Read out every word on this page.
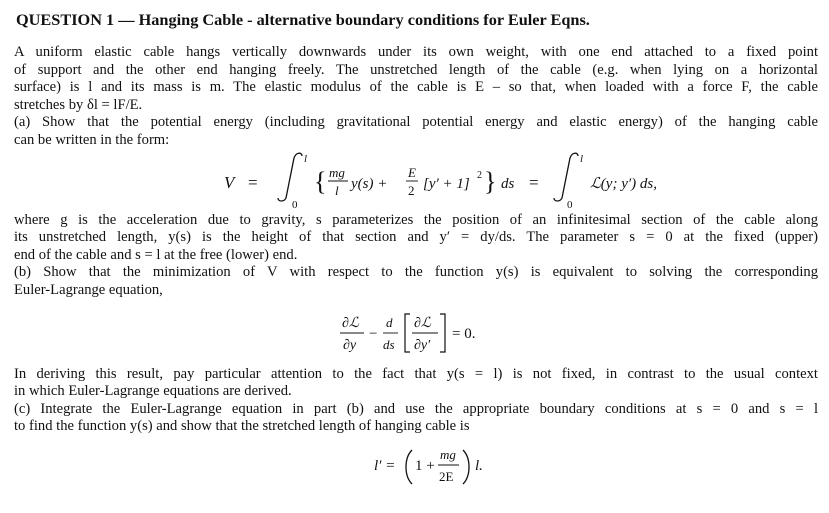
QUESTION 1 — Hanging Cable - alternative boundary conditions for Euler Eqns.

A uniform elastic cable hangs vertically downwards under its own weight, with one end attached to a fixed point
of support and the other end hanging freely. The unstretched length of the cable (e.g. when lying on a horizontal
surface) is l and its mass is m. The elastic modulus of the cable is E – so that, when loaded with a force F, the cable
stretches by δl = lF/E.
(a) Show that the potential energy (including gravitational potential energy and elastic energy) of the hanging cable
can be written in the form:

V =
0
l
{ mg
l y(s) +
E
2 [y′ + 1]
2 } ds =
0
l
ℒ(y; y′) ds,

where g is the acceleration due to gravity, s parameterizes the position of an infinitesimal section of the cable along
its unstretched length, y(s) is the height of that section and y′ = dy/ds. The parameter s = 0 at the fixed (upper)
end of the cable and s = l at the free (lower) end.
(b) Show that the minimization of V with respect to the function y(s) is equivalent to solving the corresponding
Euler-Lagrange equation,

∂ℒ
∂y
−
d
ds
∂ℒ
∂y′
= 0.

In deriving this result, pay particular attention to the fact that y(s = l) is not fixed, in contrast to the usual context
in which Euler-Lagrange equations are derived.
(c) Integrate the Euler-Lagrange equation in part (b) and use the appropriate boundary conditions at s = 0 and s = l
to find the function y(s) and show that the stretched length of hanging cable is

l′ = 1 +
mg
2E
l.
